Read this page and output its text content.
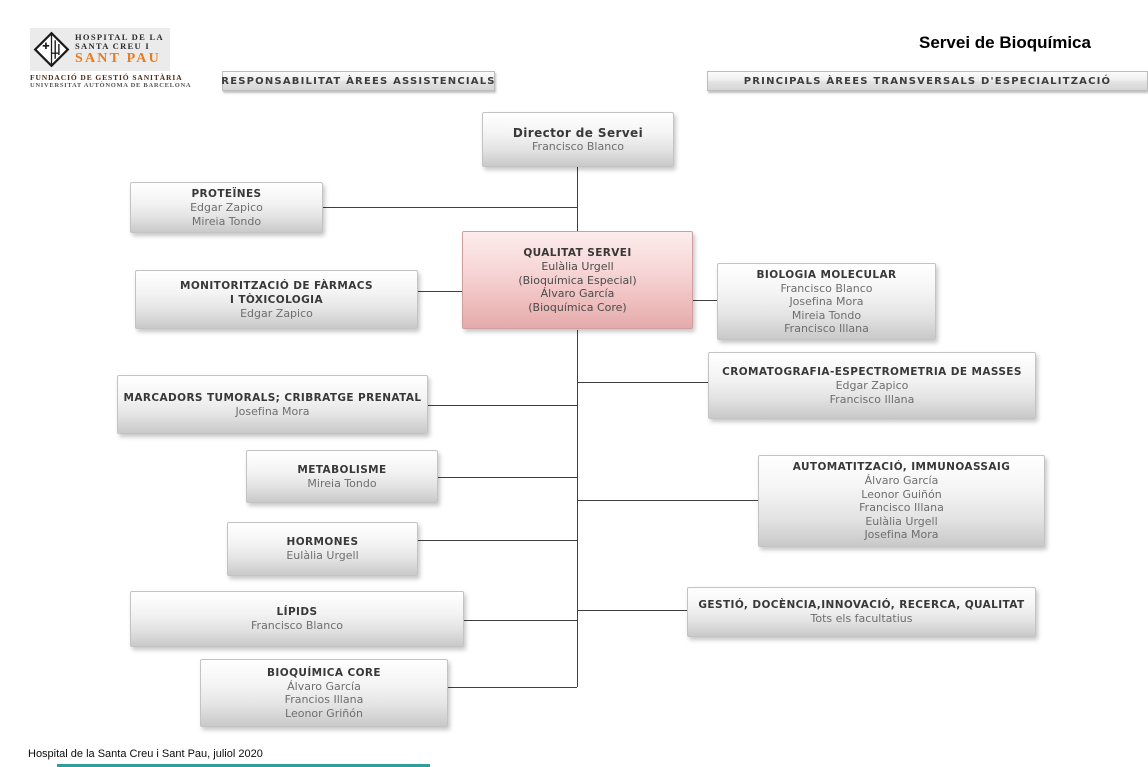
HOSPITAL DE LA
SANTA CREU I
SANT PAU
FUNDACIÓ DE GESTIÓ SANITÀRIA
UNIVERSITAT AUTÒNOMA DE BARCELONA
Servei de Bioquímica
RESPONSABILITAT ÀREES ASSISTENCIALS	PRINCIPALS ÀREES TRANSVERSALS D'ESPECIALITZACIÓ
Director de Servei
Francisco Blanco
QUALITAT SERVEI
Eulàlia Urgell
(Bioquímica Especial)
Álvaro García
(Bioquímica Core)
PROTEÏNES
Edgar Zapico
Mireia Tondo
MONITORITZACIÓ DE FÀRMACS
I TÒXICOLOGIA
Edgar Zapico
MARCADORS TUMORALS; CRIBRATGE PRENATAL
Josefina Mora
METABOLISME
Mireia Tondo
HORMONES
Eulàlia Urgell
LÍPIDS
Francisco Blanco
BIOQUÍMICA CORE
Álvaro García
Francios Illana
Leonor Griñón
BIOLOGIA MOLECULAR
Francisco Blanco
Josefina Mora
Mireia Tondo
Francisco Illana
CROMATOGRAFIA-ESPECTROMETRIA DE MASSES
Edgar Zapico
Francisco Illana
AUTOMATITZACIÓ, IMMUNOASSAIG
Álvaro García
Leonor Guiñón
Francisco Illana
Eulàlia Urgell
Josefina Mora
GESTIÓ, DOCÈNCIA,INNOVACIÓ, RECERCA, QUALITAT
Tots els facultatius
Hospital de la Santa Creu i Sant Pau, juliol 2020
